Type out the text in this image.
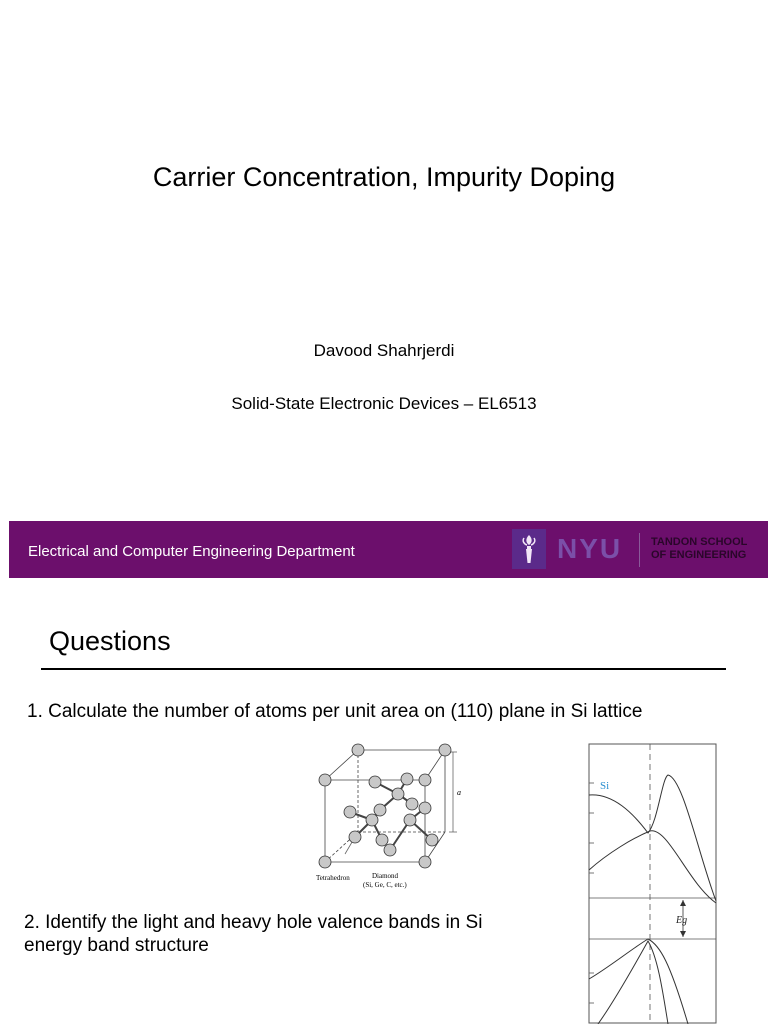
Carrier Concentration, Impurity Doping
Davood Shahrjerdi
Solid-State Electronic Devices – EL6513
Electrical and Computer Engineering Department	NYU	TANDON SCHOOL
OF ENGINEERING
Questions
1. Calculate the number of atoms per unit area on (110) plane in Si lattice
a
Tetrahedron	Diamond
(Si, Ge, C, etc.)
2. Identify the light and heavy hole valence bands in Si energy band structure
Si
Eg
